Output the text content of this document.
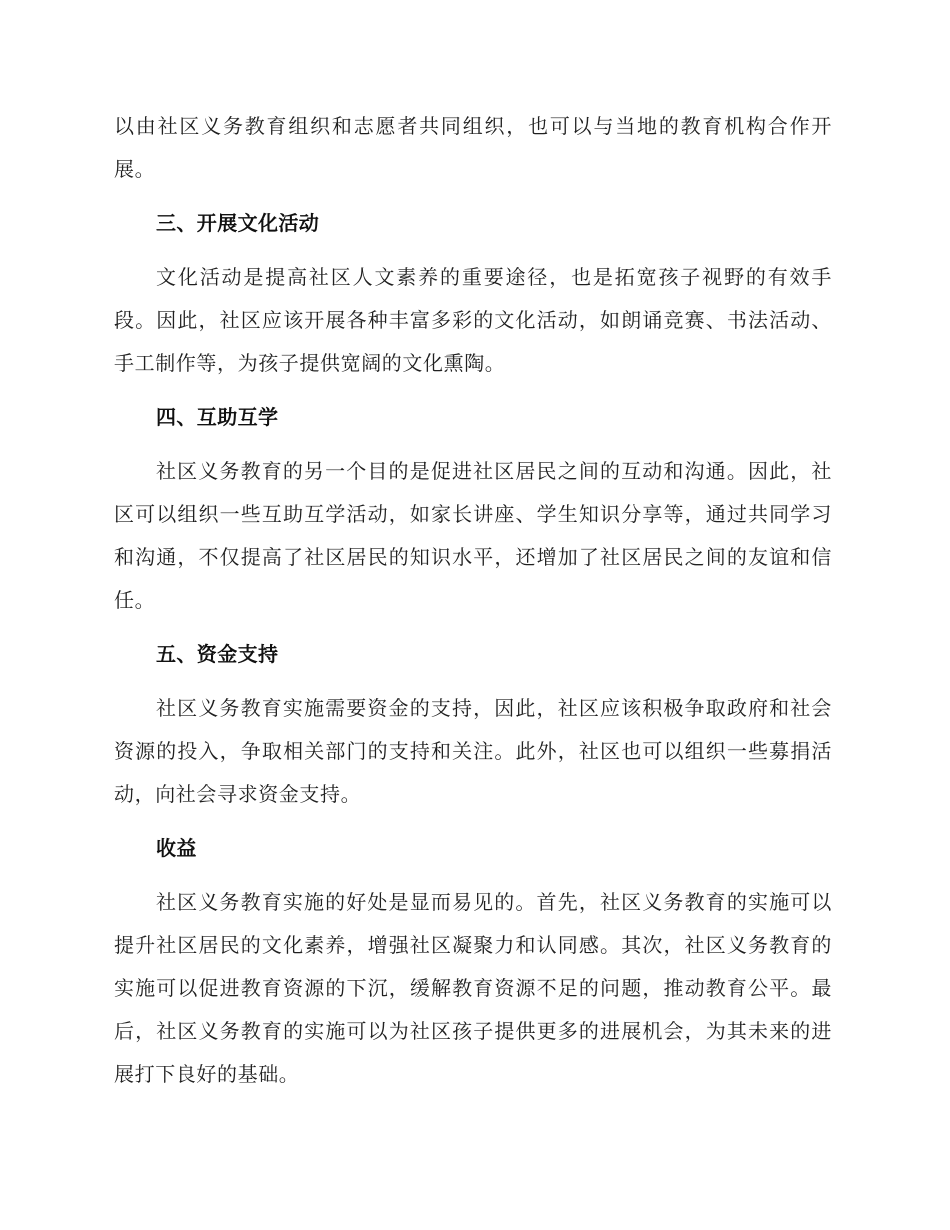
以由社区义务教育组织和志愿者共同组织，也可以与当地的教育机构合作开展。

三、开展文化活动

文化活动是提高社区人文素养的重要途径，也是拓宽孩子视野的有效手段。因此，社区应该开展各种丰富多彩的文化活动，如朗诵竞赛、书法活动、手工制作等，为孩子提供宽阔的文化熏陶。

四、互助互学

社区义务教育的另一个目的是促进社区居民之间的互动和沟通。因此，社区可以组织一些互助互学活动，如家长讲座、学生知识分享等，通过共同学习和沟通，不仅提高了社区居民的知识水平，还增加了社区居民之间的友谊和信任。

五、资金支持

社区义务教育实施需要资金的支持，因此，社区应该积极争取政府和社会资源的投入，争取相关部门的支持和关注。此外，社区也可以组织一些募捐活动，向社会寻求资金支持。

收益

社区义务教育实施的好处是显而易见的。首先，社区义务教育的实施可以提升社区居民的文化素养，增强社区凝聚力和认同感。其次，社区义务教育的实施可以促进教育资源的下沉，缓解教育资源不足的问题，推动教育公平。最后，社区义务教育的实施可以为社区孩子提供更多的进展机会，为其未来的进展打下良好的基础。
